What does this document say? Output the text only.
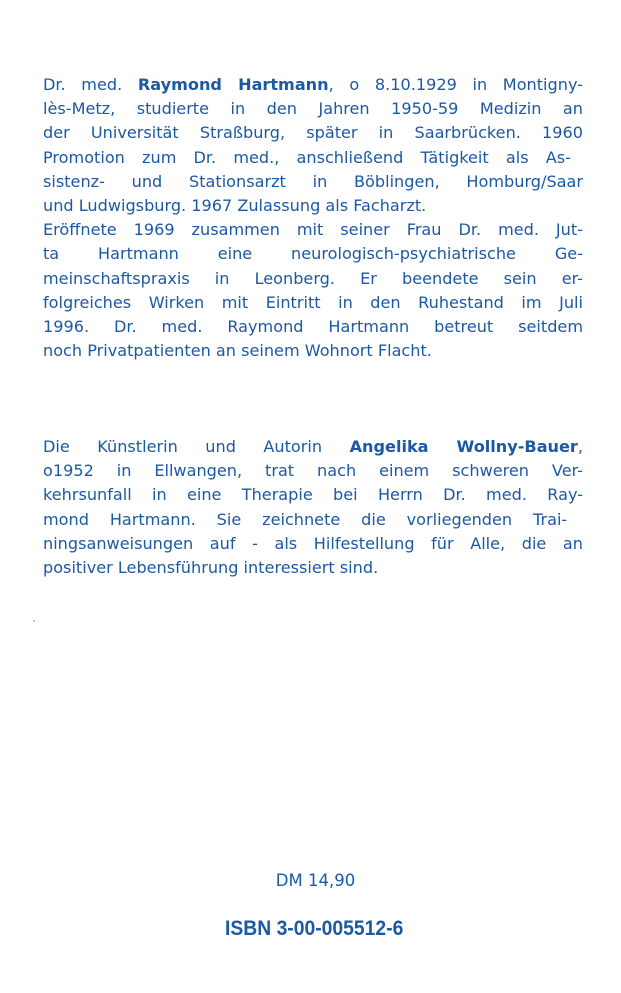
Dr. med. Raymond Hartmann, o 8.10.1929 in Montigny-
lès-Metz, studierte in den Jahren 1950-59 Medizin an
der Universität Straßburg, später in Saarbrücken. 1960
Promotion zum Dr. med., anschließend Tätigkeit als As-
sistenz- und Stationsarzt in Böblingen, Homburg/Saar
und Ludwigsburg. 1967 Zulassung als Facharzt.
Eröffnete 1969 zusammen mit seiner Frau Dr. med. Jut-
ta Hartmann eine neurologisch-psychiatrische Ge-
meinschaftspraxis in Leonberg. Er beendete sein er-
folgreiches Wirken mit Eintritt in den Ruhestand im Juli
1996. Dr. med. Raymond Hartmann betreut seitdem
noch Privatpatienten an seinem Wohnort Flacht.
Die Künstlerin und Autorin Angelika Wollny-Bauer,
o1952 in Ellwangen, trat nach einem schweren Ver-
kehrsunfall in eine Therapie bei Herrn Dr. med. Ray-
mond Hartmann. Sie zeichnete die vorliegenden Trai-
ningsanweisungen auf - als Hilfestellung für Alle, die an
positiver Lebensführung interessiert sind.

DM 14,90

ISBN 3-00-005512-6
